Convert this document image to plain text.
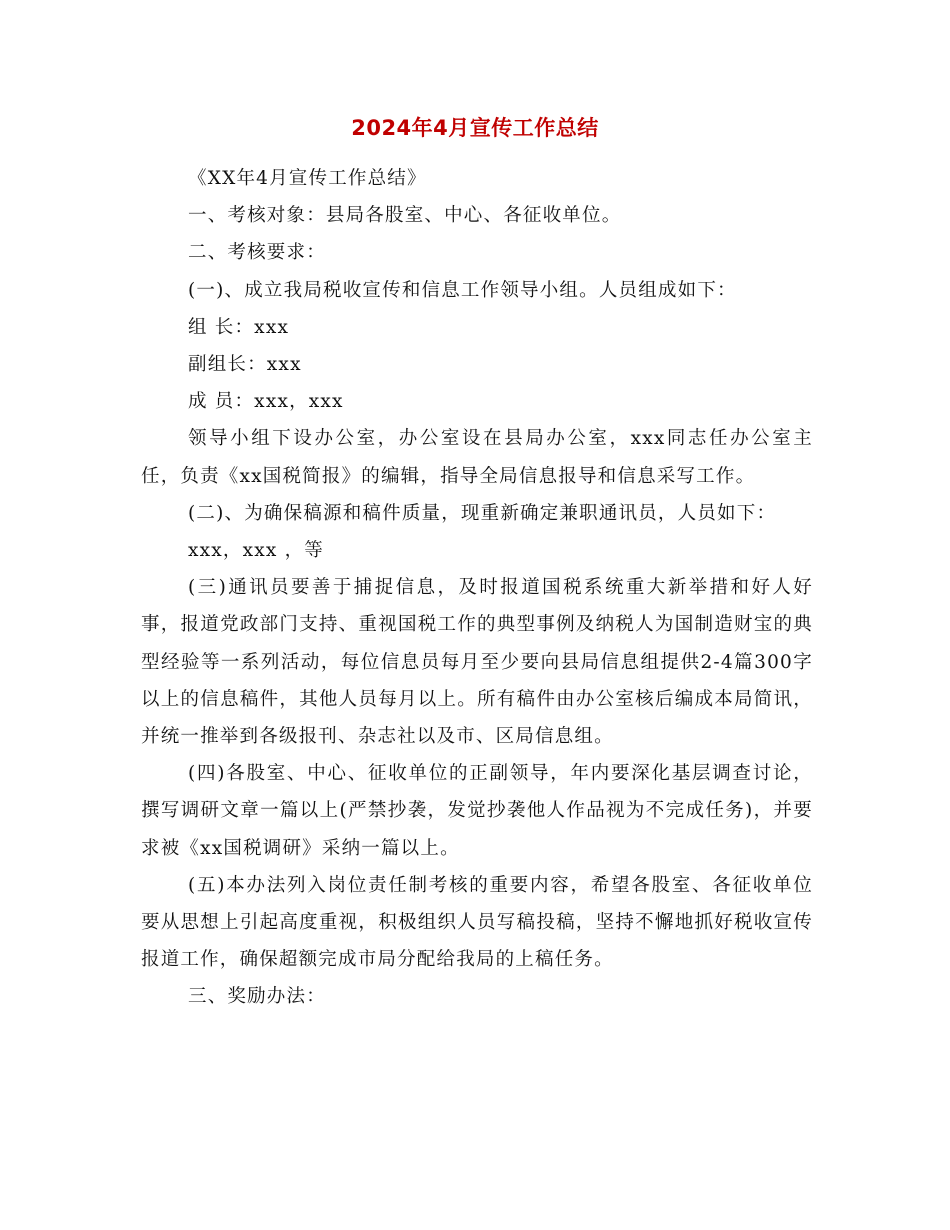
2024年4月宣传工作总结

《XX年4月宣传工作总结》

一、考核对象：县局各股室、中心、各征收单位。

二、考核要求：

(一)、成立我局税收宣传和信息工作领导小组。人员组成如下：

组 长：xxx

副组长：xxx

成 员：xxx，xxx

领导小组下设办公室，办公室设在县局办公室，xxx同志任办公室主任，负责《xx国税简报》的编辑，指导全局信息报导和信息采写工作。

(二)、为确保稿源和稿件质量，现重新确定兼职通讯员，人员如下：

xxx，xxx ，等

(三)通讯员要善于捕捉信息，及时报道国税系统重大新举措和好人好事，报道党政部门支持、重视国税工作的典型事例及纳税人为国制造财宝的典型经验等一系列活动，每位信息员每月至少要向县局信息组提供2-4篇300字以上的信息稿件，其他人员每月以上。所有稿件由办公室核后编成本局简讯，并统一推举到各级报刊、杂志社以及市、区局信息组。

(四)各股室、中心、征收单位的正副领导，年内要深化基层调查讨论，撰写调研文章一篇以上(严禁抄袭，发觉抄袭他人作品视为不完成任务)，并要求被《xx国税调研》采纳一篇以上。

(五)本办法列入岗位责任制考核的重要内容，希望各股室、各征收单位要从思想上引起高度重视，积极组织人员写稿投稿，坚持不懈地抓好税收宣传报道工作，确保超额完成市局分配给我局的上稿任务。

三、奖励办法：
